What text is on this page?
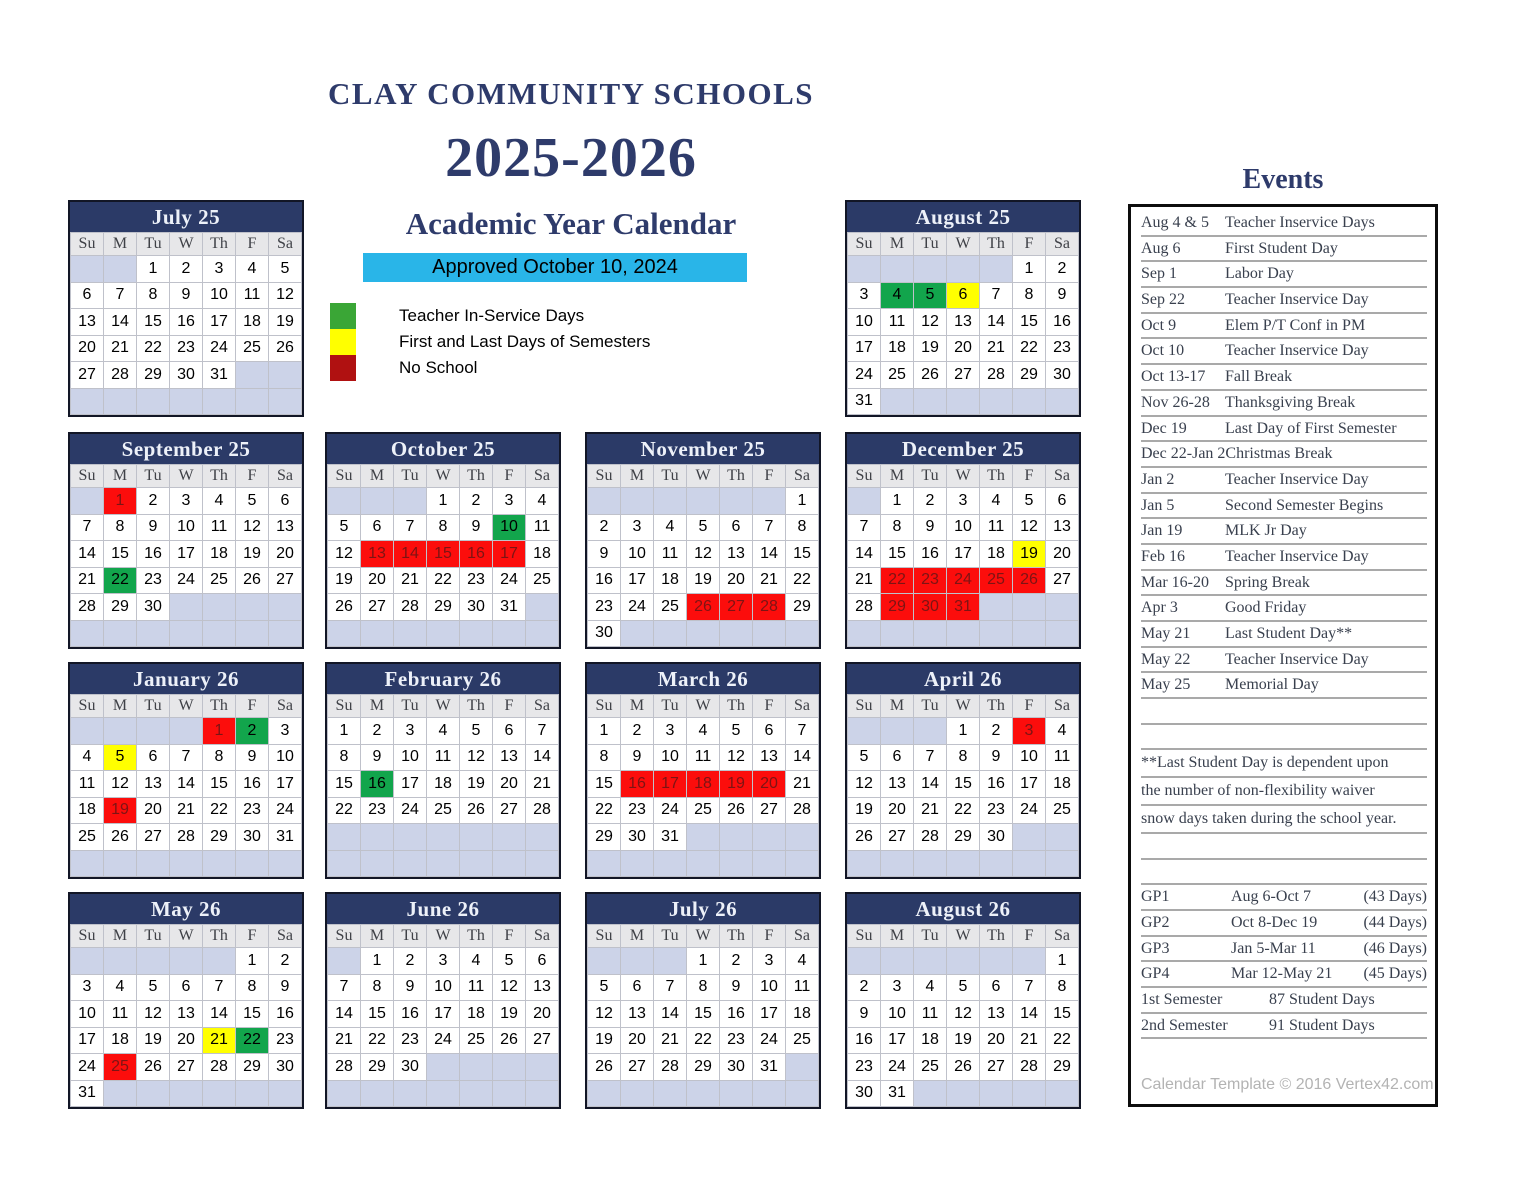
CLAY COMMUNITY SCHOOLS
2025-2026
Academic Year Calendar
Approved October 10, 2024
Teacher In-Service Days
First and Last Days of Semesters
No School
July 25
Su	M	Tu	W	Th	F	Sa
		1	2	3	4	5
6	7	8	9	10	11	12
13	14	15	16	17	18	19
20	21	22	23	24	25	26
27	28	29	30	31		

August 25
Su	M	Tu	W	Th	F	Sa
					1	2
3	4	5	6	7	8	9
10	11	12	13	14	15	16
17	18	19	20	21	22	23
24	25	26	27	28	29	30
31						
September 25
Su	M	Tu	W	Th	F	Sa
	1	2	3	4	5	6
7	8	9	10	11	12	13
14	15	16	17	18	19	20
21	22	23	24	25	26	27
28	29	30				

October 25
Su	M	Tu	W	Th	F	Sa
			1	2	3	4
5	6	7	8	9	10	11
12	13	14	15	16	17	18
19	20	21	22	23	24	25
26	27	28	29	30	31	

November 25
Su	M	Tu	W	Th	F	Sa
						1
2	3	4	5	6	7	8
9	10	11	12	13	14	15
16	17	18	19	20	21	22
23	24	25	26	27	28	29
30						
December 25
Su	M	Tu	W	Th	F	Sa
	1	2	3	4	5	6
7	8	9	10	11	12	13
14	15	16	17	18	19	20
21	22	23	24	25	26	27
28	29	30	31			

January 26
Su	M	Tu	W	Th	F	Sa
				1	2	3
4	5	6	7	8	9	10
11	12	13	14	15	16	17
18	19	20	21	22	23	24
25	26	27	28	29	30	31

February 26
Su	M	Tu	W	Th	F	Sa
1	2	3	4	5	6	7
8	9	10	11	12	13	14
15	16	17	18	19	20	21
22	23	24	25	26	27	28

March 26
Su	M	Tu	W	Th	F	Sa
1	2	3	4	5	6	7
8	9	10	11	12	13	14
15	16	17	18	19	20	21
22	23	24	25	26	27	28
29	30	31				

April 26
Su	M	Tu	W	Th	F	Sa
			1	2	3	4
5	6	7	8	9	10	11
12	13	14	15	16	17	18
19	20	21	22	23	24	25
26	27	28	29	30		

May 26
Su	M	Tu	W	Th	F	Sa
					1	2
3	4	5	6	7	8	9
10	11	12	13	14	15	16
17	18	19	20	21	22	23
24	25	26	27	28	29	30
31						
June 26
Su	M	Tu	W	Th	F	Sa
	1	2	3	4	5	6
7	8	9	10	11	12	13
14	15	16	17	18	19	20
21	22	23	24	25	26	27
28	29	30				

July 26
Su	M	Tu	W	Th	F	Sa
			1	2	3	4
5	6	7	8	9	10	11
12	13	14	15	16	17	18
19	20	21	22	23	24	25
26	27	28	29	30	31	

August 26
Su	M	Tu	W	Th	F	Sa
						1
2	3	4	5	6	7	8
9	10	11	12	13	14	15
16	17	18	19	20	21	22
23	24	25	26	27	28	29
30	31					
Events
Aug 4 & 5 Teacher Inservice Days
Aug 6	First Student Day
Sep 1	Labor Day
Sep 22	Teacher Inservice Day
Oct 9	Elem P/T Conf in PM
Oct 10	Teacher Inservice Day
Oct 13-17 Fall Break
Nov 26-28 Thanksgiving Break
Dec 19 Last Day of First Semester
Dec 22-Jan 2Christmas Break
Jan 2	Teacher Inservice Day
Jan 5	Second Semester Begins
Jan 19	MLK Jr Day
Feb 16	Teacher Inservice Day
Mar 16-20 Spring Break
Apr 3	Good Friday
May 21 Last Student Day**
May 22 Teacher Inservice Day
May 25 Memorial Day
**Last Student Day is dependent upon
the number of non-flexibility waiver
snow days taken during the school year.
GP1	Aug 6-Oct 7	(43 Days)
GP2	Oct 8-Dec 19	(44 Days)
GP3	Jan 5-Mar 11	(46 Days)
GP4	Mar 12-May 21	(45 Days)
1st Semester	87 Student Days
2nd Semester	91 Student Days
Calendar Template © 2016 Vertex42.com
